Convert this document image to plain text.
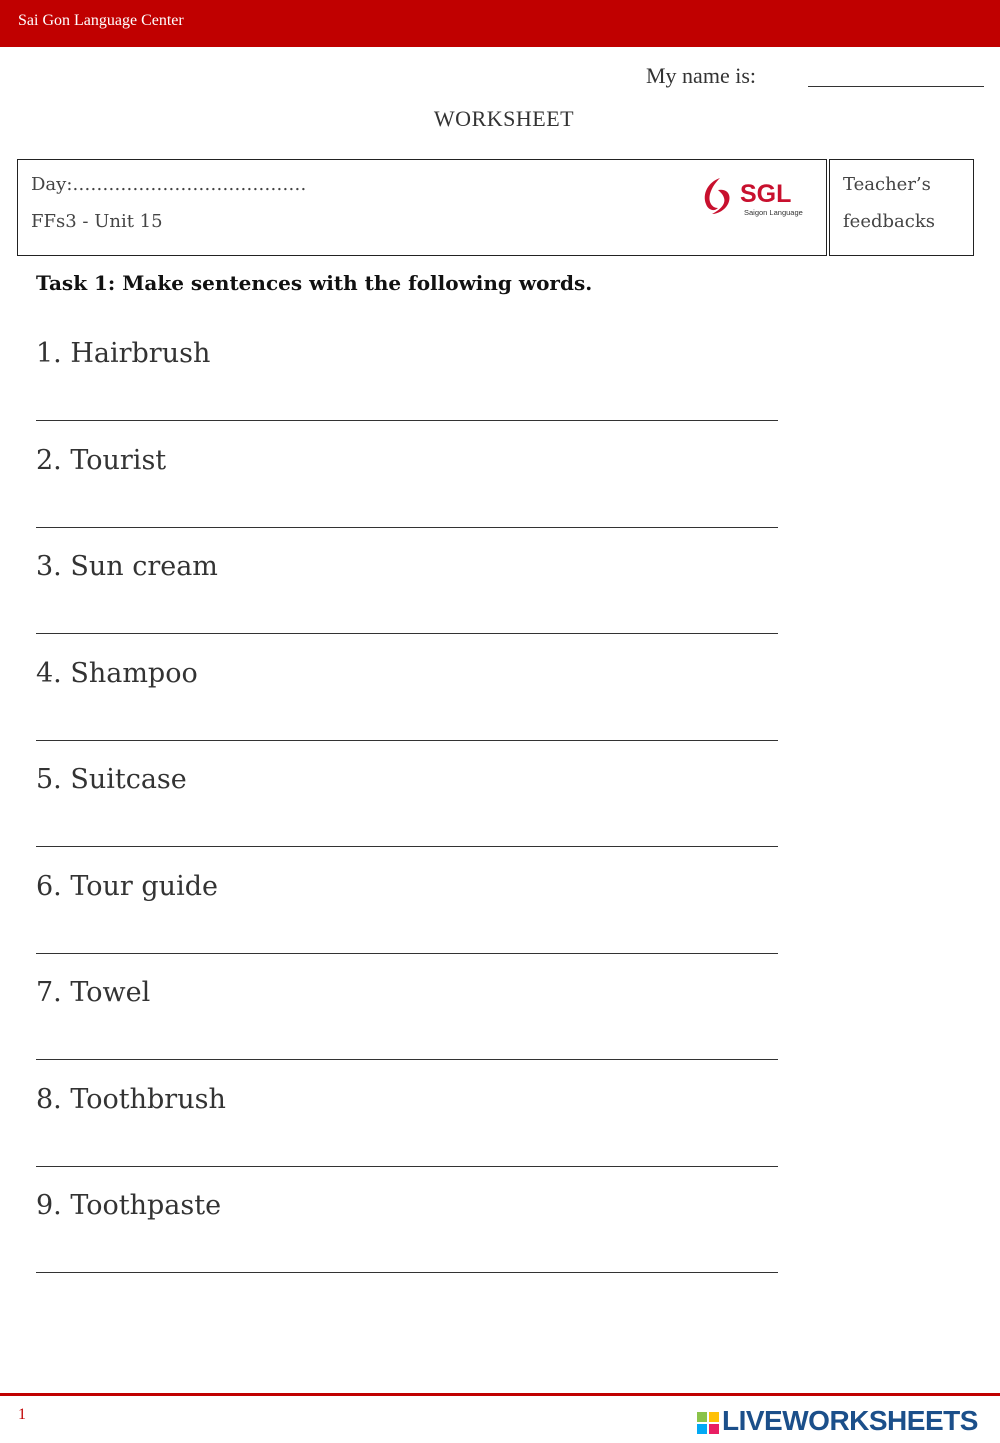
Sai Gon Language Center
My name is:
WORKSHEET
Day:…………………………………
FFs3 - Unit 15
SGL
Saigon Language
Teacher’s
feedbacks
Task 1: Make sentences with the following words.
1. Hairbrush
2. Tourist
3. Sun cream
4. Shampoo
5. Suitcase
6. Tour guide
7. Towel
8. Toothbrush
9. Toothpaste
1	LIVEWORKSHEETS
